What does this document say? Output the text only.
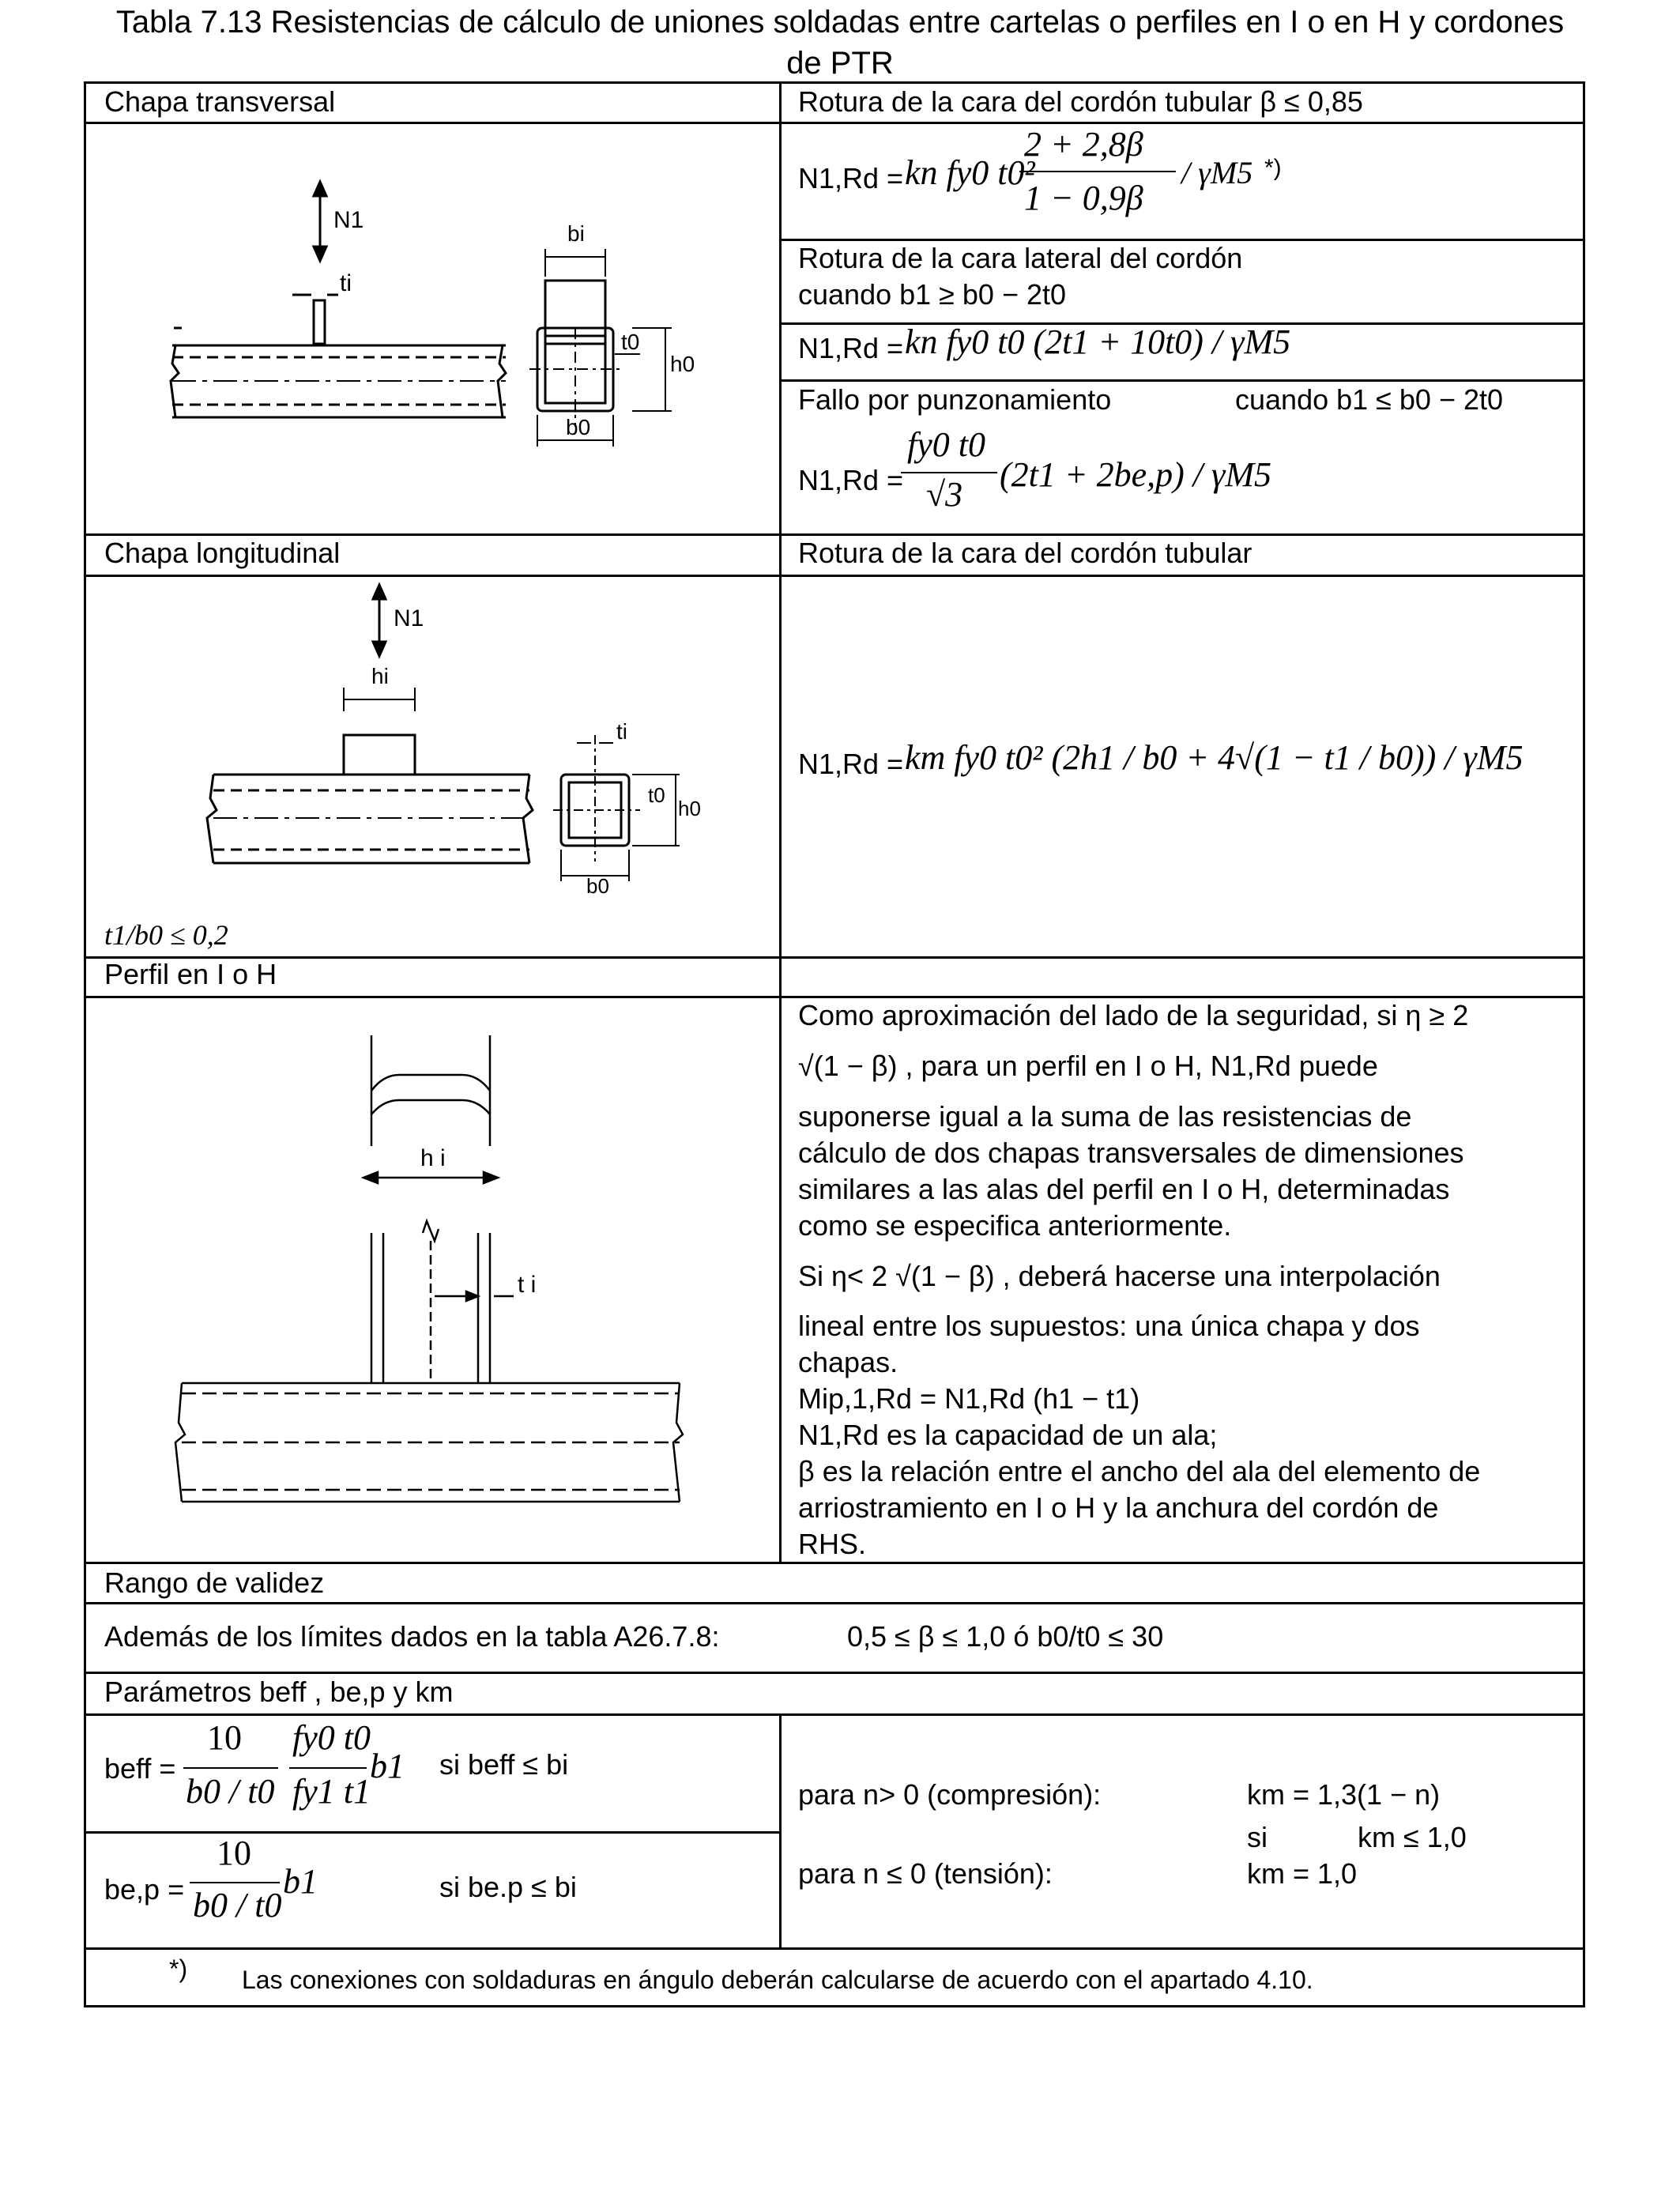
Tabla 7.13 Resistencias de cálculo de uniones soldadas entre cartelas o perfiles en I o en H y cordones
de PTR
Chapa transversal	Rotura de la cara del cordón tubular β ≤ 0,85
N1,Rd = kn fy0 t0²
2 + 2,8β
1 − 0,9β
/ γM5 *)
Rotura de la cara lateral del cordón
cuando b1 ≥ b0 − 2t0
N1,Rd = kn fy0 t0 (2t1 + 10t0) / γM5
Fallo por punzonamiento	cuando b1 ≤ b0 − 2t0
N1,Rd =
fy0 t0
√3
(2t1 + 2be,p) / γM5
N1
ti
bi
t0
h0
b0
Chapa longitudinal	Rotura de la cara del cordón tubular
N1,Rd = km fy0 t0² (2h1 / b0 + 4√(1 − t1 / b0)) / γM5
t1/b0 ≤ 0,2
N1
hi
ti
t0
h0
b0
Perfil en I o H
Como aproximación del lado de la seguridad, si η ≥ 2
√(1 − β) , para un perfil en I o H, N1,Rd puede
suponerse igual a la suma de las resistencias de
cálculo de dos chapas transversales de dimensiones
similares a las alas del perfil en I o H, determinadas
como se especifica anteriormente.
Si η< 2 √(1 − β) , deberá hacerse una interpolación
lineal entre los supuestos: una única chapa y dos
chapas.
Mip,1,Rd = N1,Rd (h1 − t1)
N1,Rd es la capacidad de un ala;
β es la relación entre el ancho del ala del elemento de
arriostramiento en I o H y la anchura del cordón de
RHS.
h i
t i
Rango de validez
Además de los límites dados en la tabla A26.7.8:	0,5 ≤ β ≤ 1,0 ó b0/t0 ≤ 30
Parámetros beff , be,p y km
beff =
10
b0 / t0
fy0 t0
fy1 t1
b1 si beff ≤ bi
be,p =
10
b0 / t0
b1	si be.p ≤ bi
para n> 0 (compresión):	km = 1,3(1 − n)
si	km ≤ 1,0
para n ≤ 0 (tensión):	km = 1,0
*) Las conexiones con soldaduras en ángulo deberán calcularse de acuerdo con el apartado 4.10.
